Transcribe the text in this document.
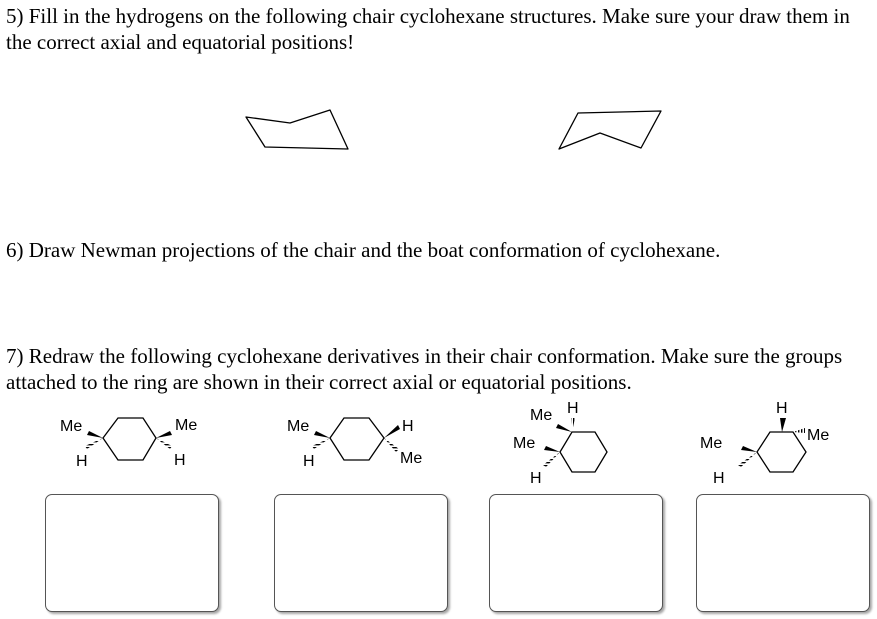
5) Fill in the hydrogens on the following chair cyclohexane structures. Make sure your draw them in the correct axial and equatorial positions!
6) Draw Newman projections of the chair and the boat conformation of cyclohexane.
7) Redraw the following cyclohexane derivatives in their chair conformation. Make sure the groups attached to the ring are shown in their correct axial or equatorial positions.
Me
H
Me
H
Me
H
H
Me
Me H
Me
H
H
Me
Me
H
